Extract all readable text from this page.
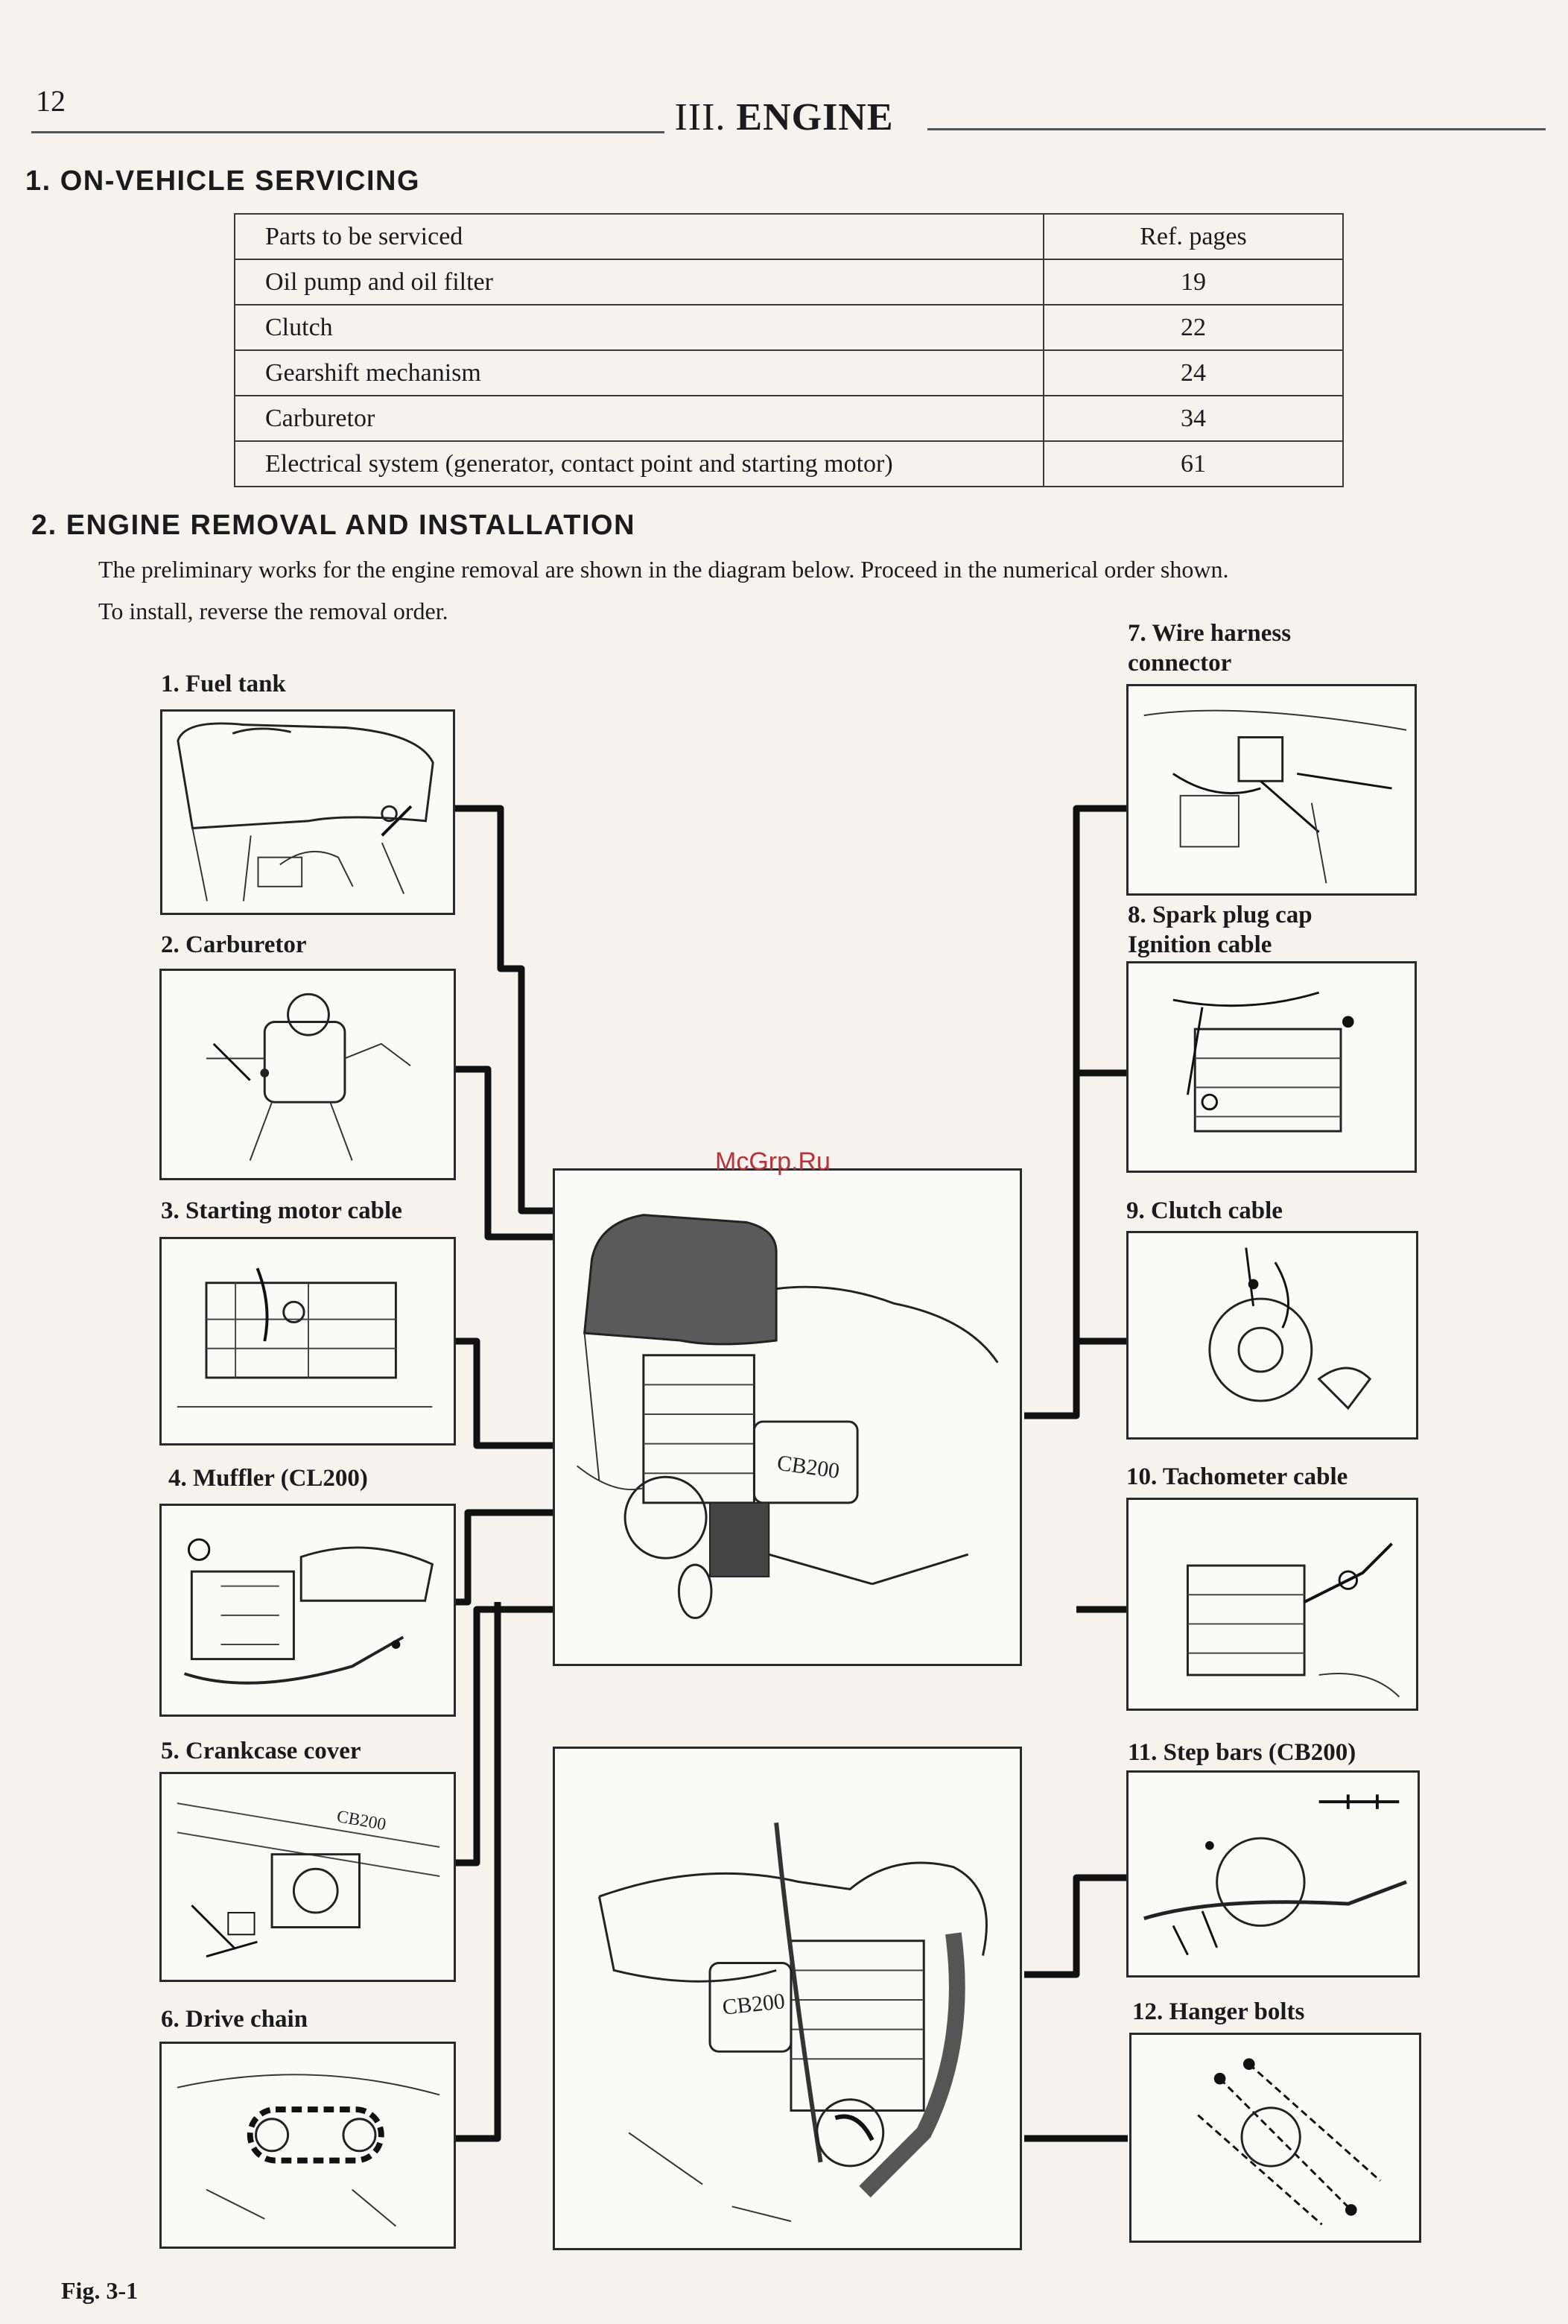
12	III. ENGINE
1. ON-VEHICLE SERVICING
Parts to be serviced	Ref. pages
Oil pump and oil filter	19
Clutch	22
Gearshift mechanism	24
Carburetor	34
Electrical system (generator, contact point and starting motor)	61
2. ENGINE REMOVAL AND INSTALLATION
The preliminary works for the engine removal are shown in the diagram below. Proceed in the numerical order shown.
To install, reverse the removal order.
1. Fuel tank
2. Carburetor
3. Starting motor cable
4. Muffler (CL200)
5. Crankcase cover
CB200
6. Drive chain
7. Wire harness
connector
8. Spark plug cap
Ignition cable
9. Clutch cable
10. Tachometer cable
11. Step bars (CB200)
12. Hanger bolts
CB200
CB200
McGrp.Ru
Fig. 3-1
